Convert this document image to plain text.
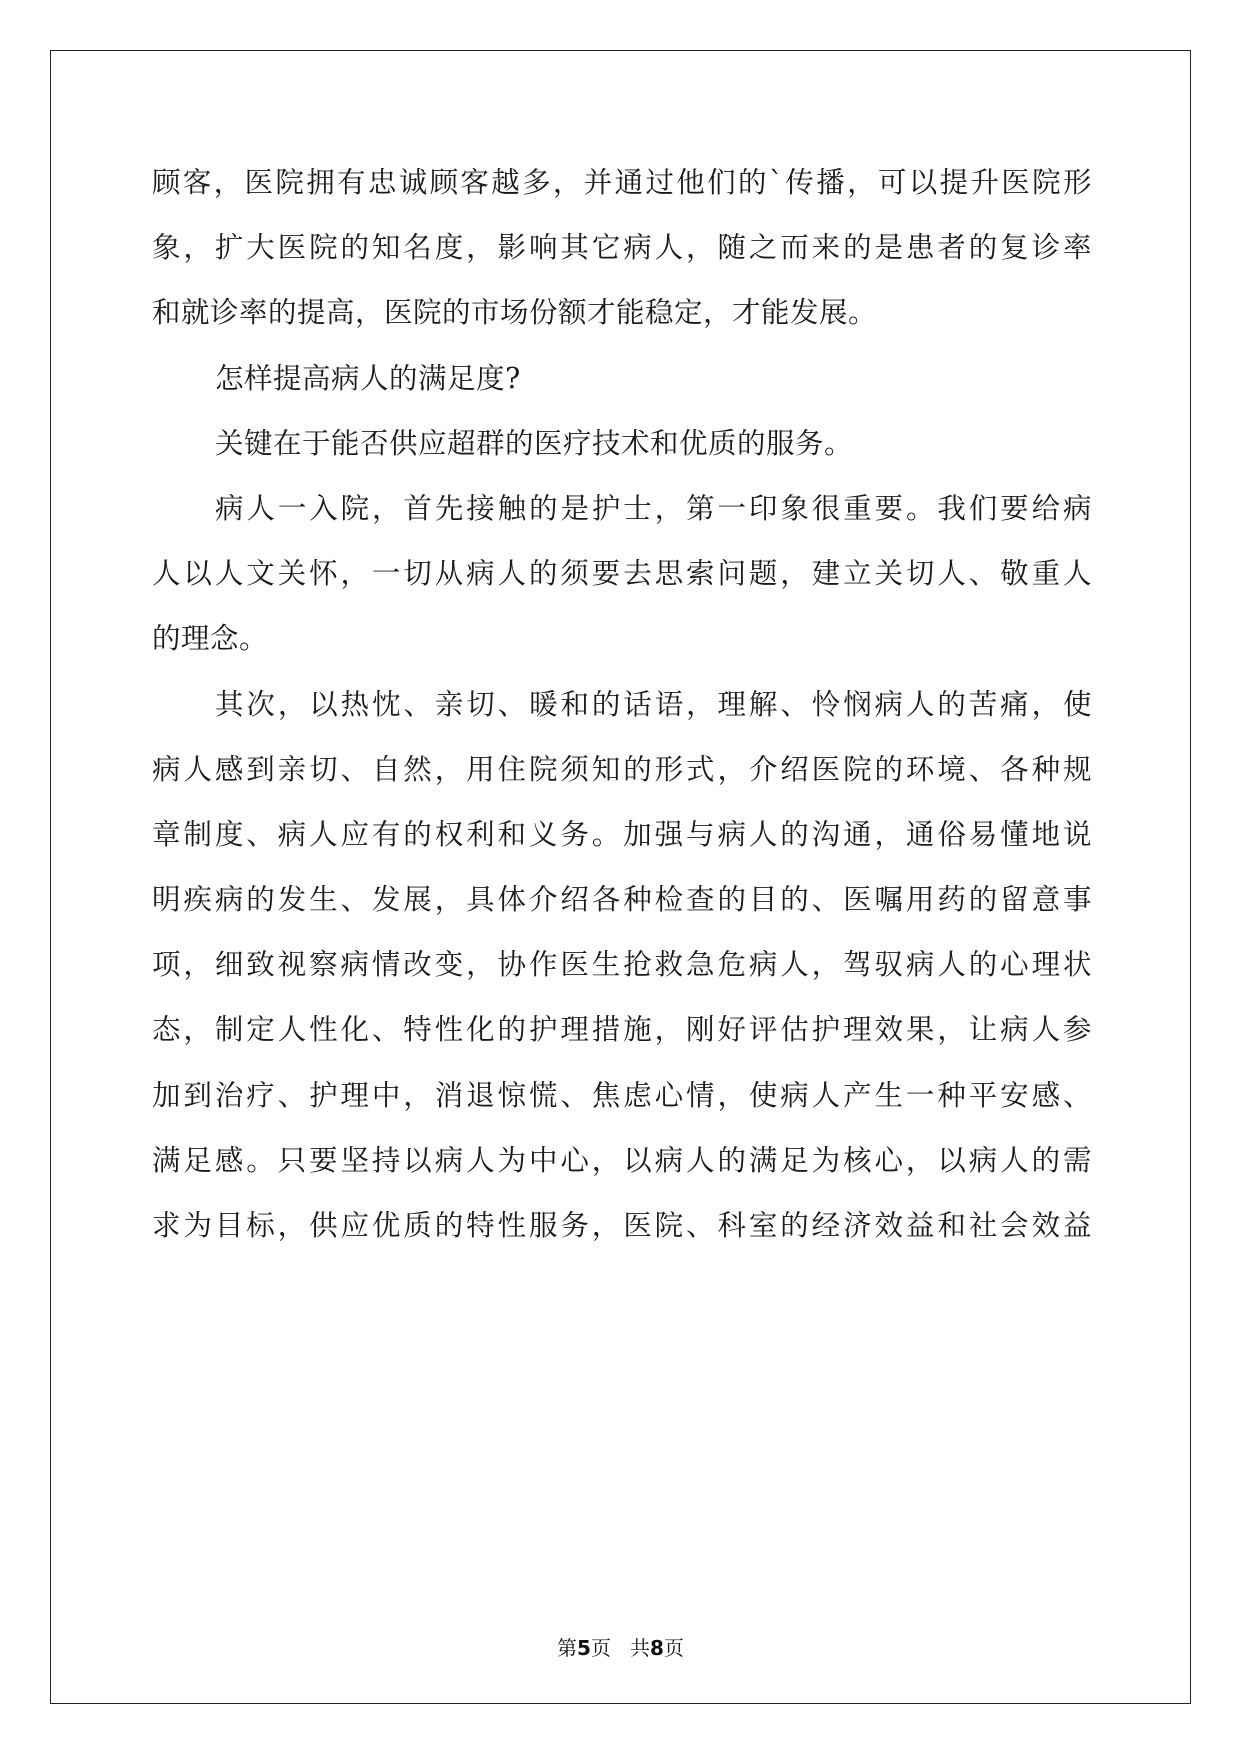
顾客，医院拥有忠诚顾客越多，并通过他们的`传播，可以提升医院形
象，扩大医院的知名度，影响其它病人，随之而来的是患者的复诊率
和就诊率的提高，医院的市场份额才能稳定，才能发展。
怎样提高病人的满足度?
关键在于能否供应超群的医疗技术和优质的服务。
病人一入院，首先接触的是护士，第一印象很重要。我们要给病
人以人文关怀，一切从病人的须要去思索问题，建立关切人、敬重人
的理念。
其次，以热忱、亲切、暖和的话语，理解、怜悯病人的苦痛，使
病人感到亲切、自然，用住院须知的形式，介绍医院的环境、各种规
章制度、病人应有的权利和义务。加强与病人的沟通，通俗易懂地说
明疾病的发生、发展，具体介绍各种检查的目的、医嘱用药的留意事
项，细致视察病情改变，协作医生抢救急危病人，驾驭病人的心理状
态，制定人性化、特性化的护理措施，刚好评估护理效果，让病人参
加到治疗、护理中，消退惊慌、焦虑心情，使病人产生一种平安感、
满足感。只要坚持以病人为中心，以病人的满足为核心，以病人的需
求为目标，供应优质的特性服务，医院、科室的经济效益和社会效益
第5页 共8页
